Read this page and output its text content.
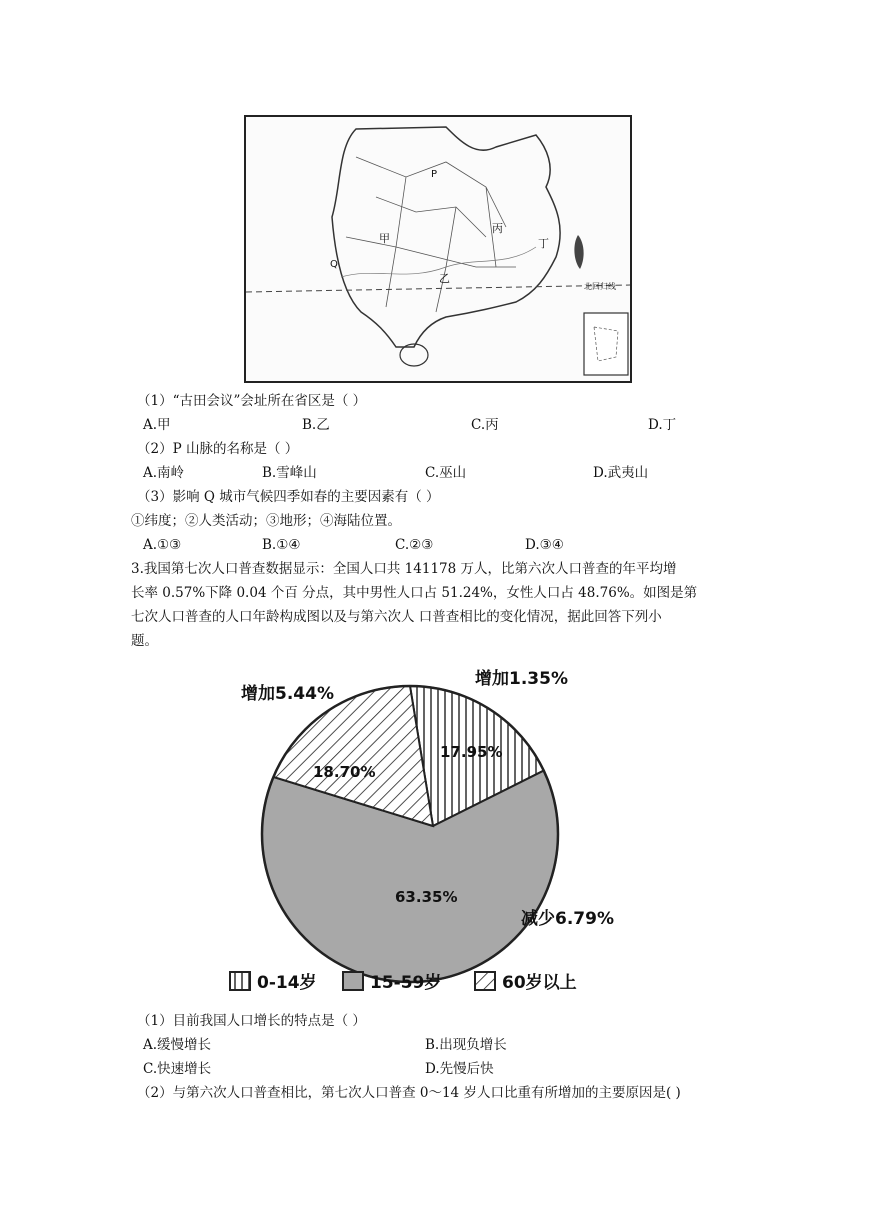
甲
乙
丙
丁
P
Q
北回归线
（1）“古田会议”会址所在省区是（ ）
A.甲	B.乙	C.丙	D.丁
（2）P 山脉的名称是（ ）
A.南岭	B.雪峰山	C.巫山	D.武夷山
（3）影响 Q 城市气候四季如春的主要因素有（ ）
①纬度；②人类活动；③地形；④海陆位置。
A.①③	B.①④	C.②③	D.③④
3.我国第七次人口普查数据显示：全国人口共 141178 万人，比第六次人口普查的年平均增
长率 0.57%下降 0.04 个百 分点，其中男性人口占 51.24%，女性人口占 48.76%。如图是第
七次人口普查的人口年龄构成图以及与第六次人 口普查相比的变化情况，据此回答下列小
题。
17.95%
增加1.35%
63.35%
减少6.79%
18.70%
增加5.44%
0-14岁	15-59岁	60岁以上
（1）目前我国人口增长的特点是（ ）
A.缓慢增长	B.出现负增长
C.快速增长	D.先慢后快
（2）与第六次人口普查相比，第七次人口普查 0～14 岁人口比重有所增加的主要原因是( )
